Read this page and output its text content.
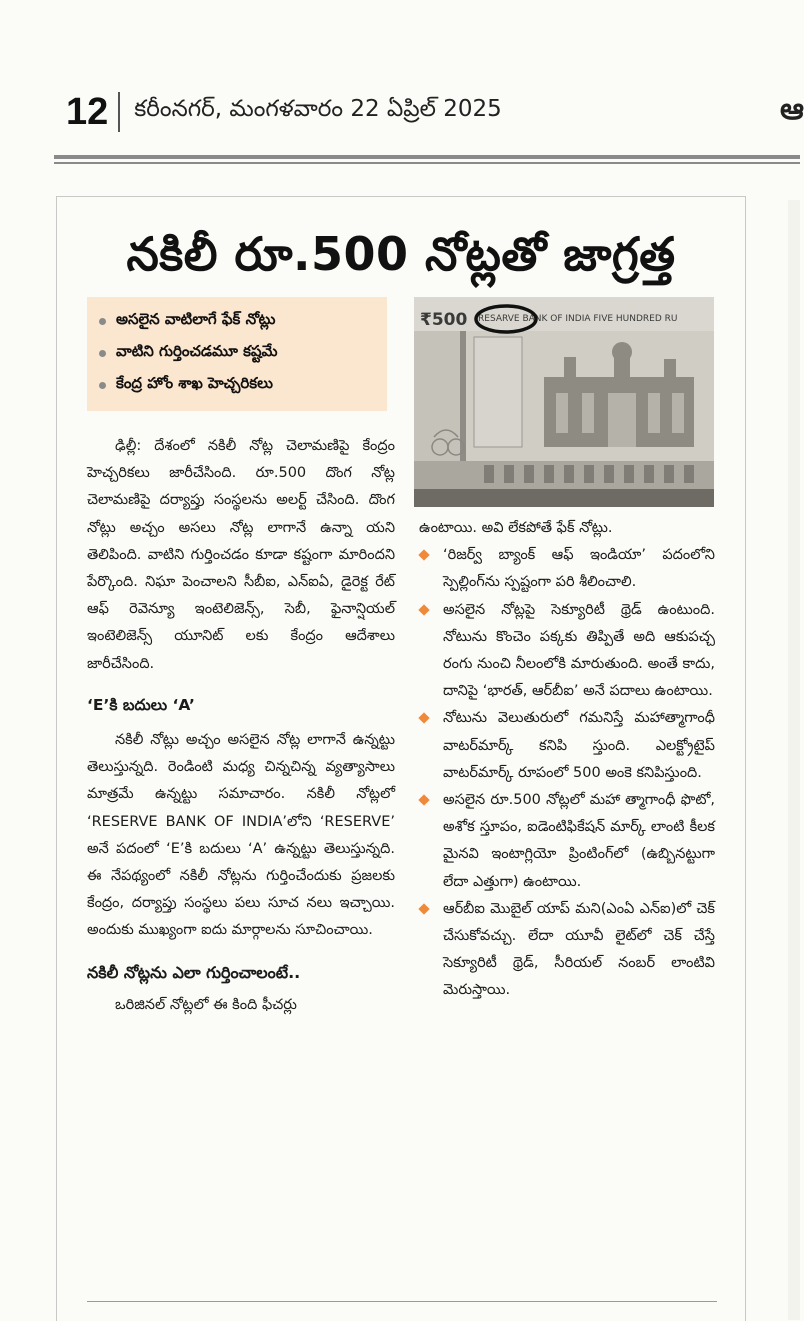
12 కరీంనగర్, మంగళవారం 22 ఏప్రిల్ 2025	ఆ
నకిలీ రూ.500 నోట్లతో జాగ్రత్త
అసలైన వాటిలాగే ఫేక్ నోట్లు
వాటిని గుర్తించడమూ కష్టమే
కేంద్ర హోం శాఖ హెచ్చరికలు
₹500 RESARVE BANK OF INDIA FIVE HUNDRED RU

ఢిల్లీ: దేశంలో నకిలీ నోట్ల చెలామణిపై కేంద్రం హెచ్చరికలు జారీచేసింది. రూ.500 దొంగ నోట్ల చెలామణిపై దర్యాప్తు సంస్థలను అలర్ట్ చేసింది. దొంగ నోట్లు అచ్చం అసలు నోట్ల లాగానే ఉన్నా యని తెలిపింది. వాటిని గుర్తించడం కూడా కష్టంగా మారిందని పేర్కొంది. నిఘా పెంచాలని సీబీఐ, ఎన్ఐఏ, డైరెక్ట రేట్ ఆఫ్ రెవెన్యూ ఇంటెలిజెన్స్, సెబీ, ఫైనాన్షియల్ ఇంటెలిజెన్స్ యూనిట్ లకు కేంద్రం ఆదేశాలు జారీచేసింది.

‘E’కి బదులు ‘A’

నకిలీ నోట్లు అచ్చం అసలైన నోట్ల లాగానే ఉన్నట్టు తెలుస్తున్నది. రెండింటి మధ్య చిన్నచిన్న వ్యత్యాసాలు మాత్రమే ఉన్నట్టు సమాచారం. నకిలీ నోట్లలో ‘RESERVE BANK OF INDIA’లోని ‘RESERVE’ అనే పదంలో ‘E’కి బదులు ‘A’ ఉన్నట్టు తెలుస్తున్నది. ఈ నేపథ్యంలో నకిలీ నోట్లను గుర్తించేందుకు ప్రజలకు కేంద్రం, దర్యాప్తు సంస్థలు పలు సూచ నలు ఇచ్చాయి. అందుకు ముఖ్యంగా ఐదు మార్గాలను సూచించాయి.

నకిలీ నోట్లను ఎలా గుర్తించాలంటే..

ఒరిజినల్ నోట్లలో ఈ కింది ఫీచర్లు

ఉంటాయి. అవి లేకపోతే ఫేక్ నోట్లు.

‘రిజర్వ్ బ్యాంక్ ఆఫ్ ఇండియా’ పదంలోని స్పెల్లింగ్‌ను స్పష్టంగా పరి శీలించాలి.
అసలైన నోట్లపై సెక్యూరిటీ థ్రెడ్ ఉంటుంది. నోటును కొంచెం పక్కకు తిప్పితే అది ఆకుపచ్చ రంగు నుంచి నీలంలోకి మారుతుంది. అంతే కాదు, దానిపై ‘భారత్, ఆర్‌బీఐ’ అనే పదాలు ఉంటాయి.
నోటును వెలుతురులో గమనిస్తే మహాత్మాగాంధీ వాటర్‌మార్క్ కనిపి స్తుంది. ఎలక్ట్రోటైప్ వాటర్‌మార్క్ రూపంలో 500 అంకె కనిపిస్తుంది.
అసలైన రూ.500 నోట్లలో మహా త్మాగాంధీ ఫొటో, అశోక స్తూపం, ఐడెంటిఫికేషన్ మార్క్ లాంటి కీలక మైనవి ఇంటాగ్లియో ప్రింటింగ్‌లో (ఉబ్బినట్టుగా లేదా ఎత్తుగా) ఉంటాయి.
ఆర్‌బీఐ మొబైల్ యాప్ మని(ఎంఏ ఎన్ఐ)లో చెక్ చేసుకోవచ్చు. లేదా యూవీ లైట్‌లో చెక్ చేస్తే సెక్యూరిటీ థ్రెడ్, సీరియల్ నంబర్ లాంటివి మెరుస్తాయి.
